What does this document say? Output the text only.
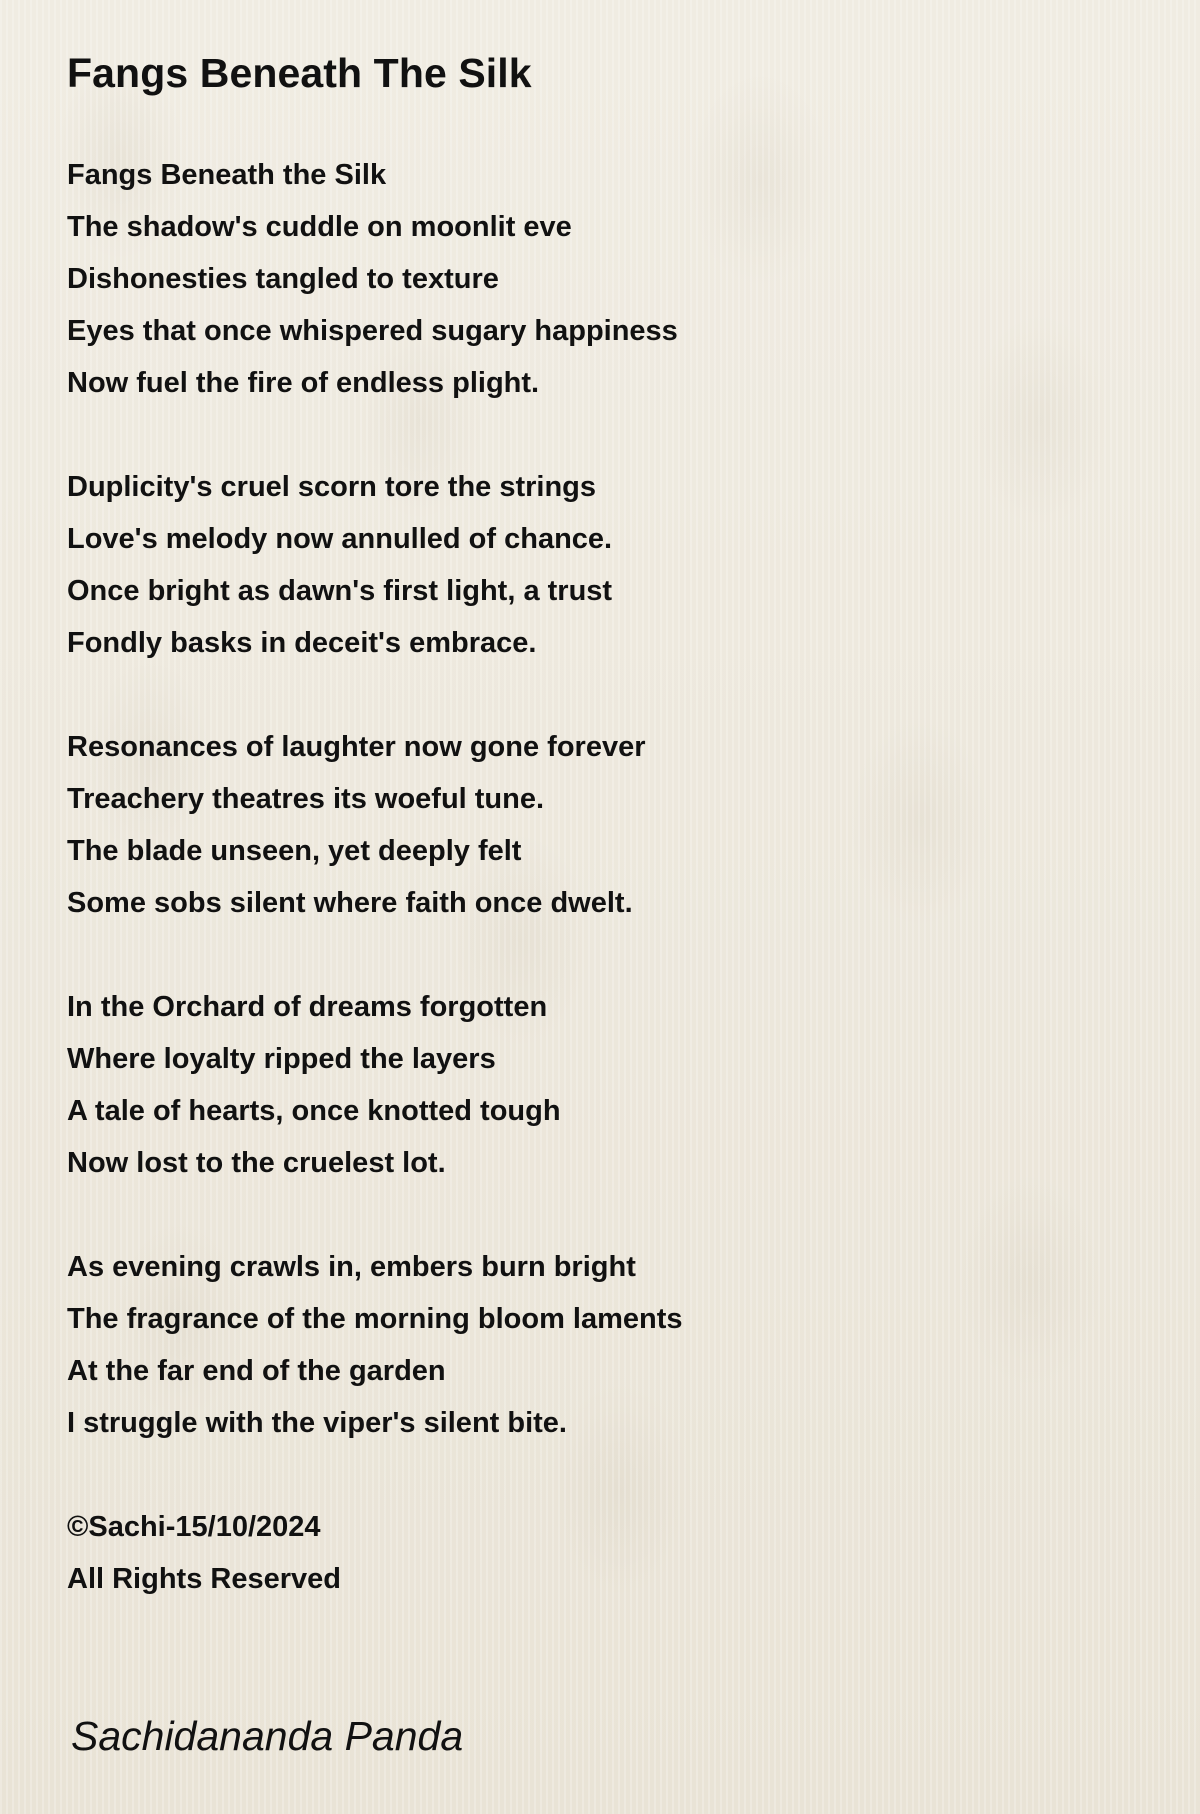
Fangs Beneath The Silk

Fangs Beneath the Silk

The shadow's cuddle on moonlit eve
Dishonesties tangled to texture
Eyes that once whispered sugary happiness
Now fuel the fire of endless plight.
Duplicity's cruel scorn tore the strings
Love's melody now annulled of chance.
Once bright as dawn's first light, a trust
Fondly basks in deceit's embrace.
Resonances of laughter now gone forever
Treachery theatres its woeful tune.
The blade unseen, yet deeply felt
Some sobs silent where faith once dwelt.
In the Orchard of dreams forgotten
Where loyalty ripped the layers
A tale of hearts, once knotted tough
Now lost to the cruelest lot.
As evening crawls in, embers burn bright
The fragrance of the morning bloom laments
At the far end of the garden
I struggle with the viper's silent bite.
©Sachi-15/10/2024
All Rights Reserved

Sachidananda Panda
